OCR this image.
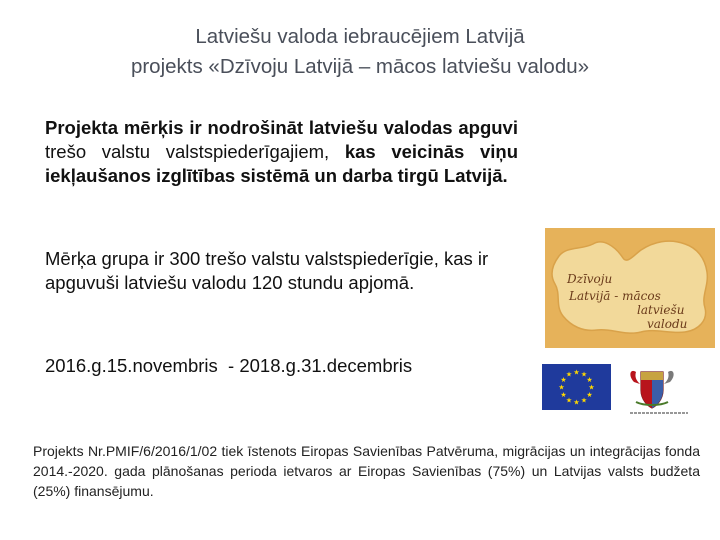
Latviešu valoda iebraucējiem Latvijā
projekts «Dzīvoju Latvijā – mācos latviešu valodu»
Projekta mērķis ir nodrošināt latviešu valodas apguvi trešo valstu valstspiederīgajiem, kas veicinās viņu iekļaušanos izglītības sistēmā un darba tirgū Latvijā.
Mērķa grupa ir 300 trešo valstu valstspiederīgie, kas ir apguvuši latviešu valodu 120 stundu apjomā.
2016.g.15.novembris  - 2018.g.31.decembris
Dzīvoju
Latvijā - mācos
latviešu
valodu
★ ★
★
★
★
★
★
★
★
★
★
★
Projekts Nr.PMIF/6/2016/1/02 tiek īstenots Eiropas Savienības Patvēruma, migrācijas un integrācijas fonda 2014.-2020. gada plānošanas perioda ietvaros ar Eiropas Savienības (75%) un Latvijas valsts budžeta (25%) finansējumu.
